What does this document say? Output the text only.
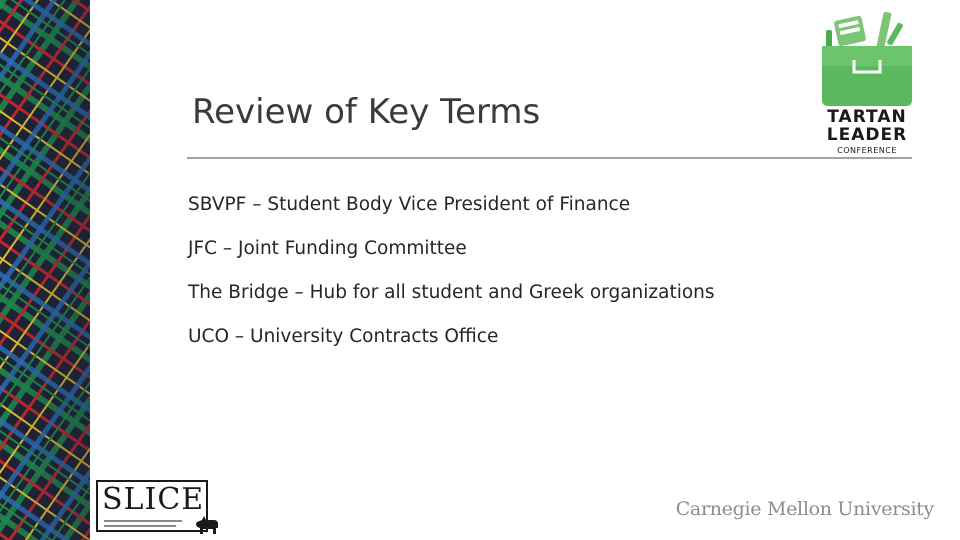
Review of Key Terms
SBVPF – Student Body Vice President of Finance
JFC – Joint Funding Committee
The Bridge – Hub for all student and Greek organizations
UCO – University Contracts Office
TARTAN
LEADER
CONFERENCE
SLICE	Carnegie Mellon University
